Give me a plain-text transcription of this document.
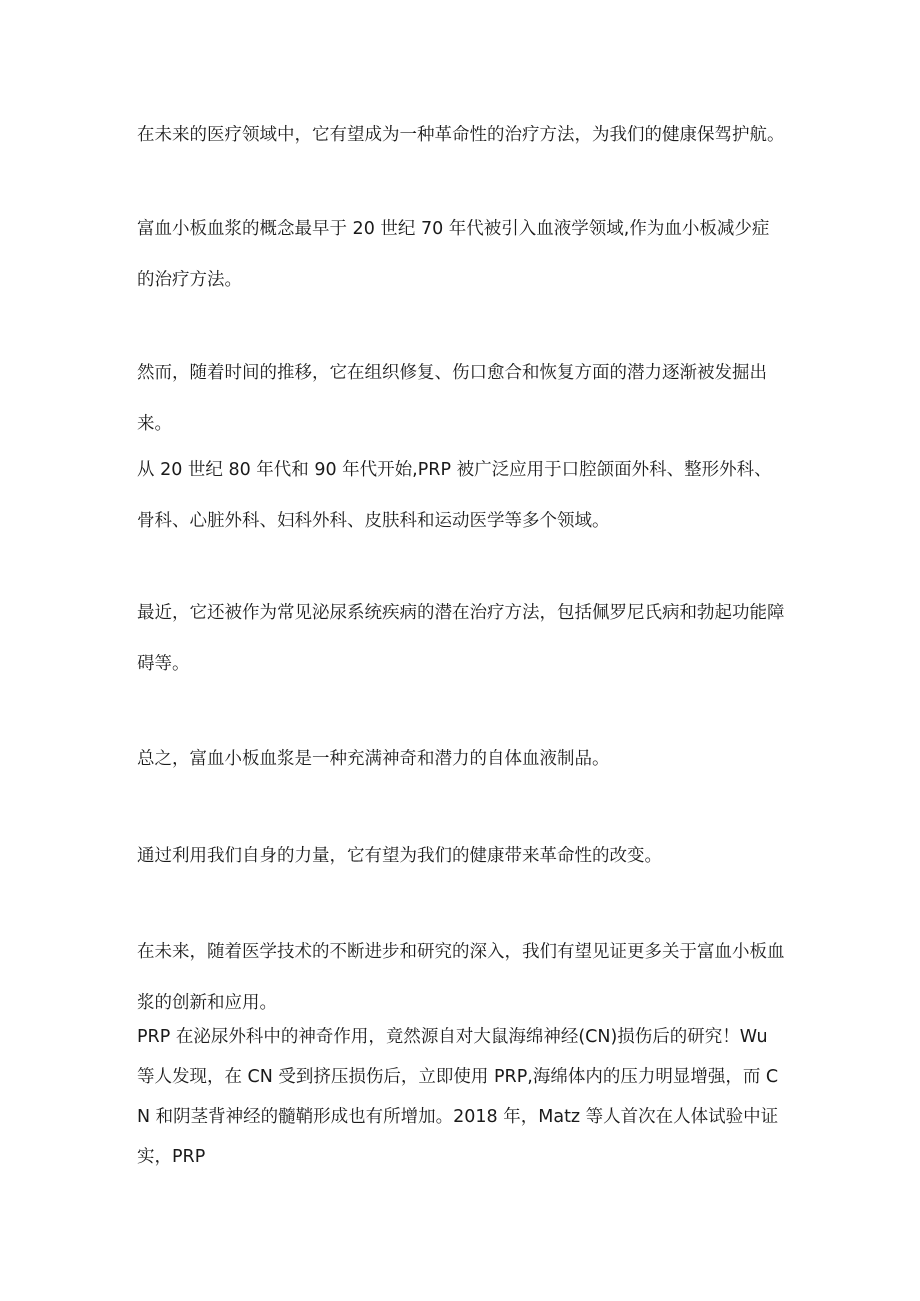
在未来的医疗领域中，它有望成为一种革命性的治疗方法，为我们的健康保驾护航。

富血小板血浆的概念最早于 20 世纪 70 年代被引入血液学领域,作为血小板减少症的治疗方法。

然而，随着时间的推移，它在组织修复、伤口愈合和恢复方面的潜力逐渐被发掘出来。

从 20 世纪 80 年代和 90 年代开始,PRP 被广泛应用于口腔颌面外科、整形外科、骨科、心脏外科、妇科外科、皮肤科和运动医学等多个领域。

最近，它还被作为常见泌尿系统疾病的潜在治疗方法，包括佩罗尼氏病和勃起功能障碍等。

总之，富血小板血浆是一种充满神奇和潜力的自体血液制品。

通过利用我们自身的力量，它有望为我们的健康带来革命性的改变。

在未来，随着医学技术的不断进步和研究的深入，我们有望见证更多关于富血小板血浆的创新和应用。

PRP 在泌尿外科中的神奇作用，竟然源自对大鼠海绵神经(CN)损伤后的研究！Wu 等人发现，在 CN 受到挤压损伤后，立即使用 PRP,海绵体内的压力明显增强，而 CN 和阴茎背神经的髓鞘形成也有所增加。2018 年，Matz 等人首次在人体试验中证实，PRP
